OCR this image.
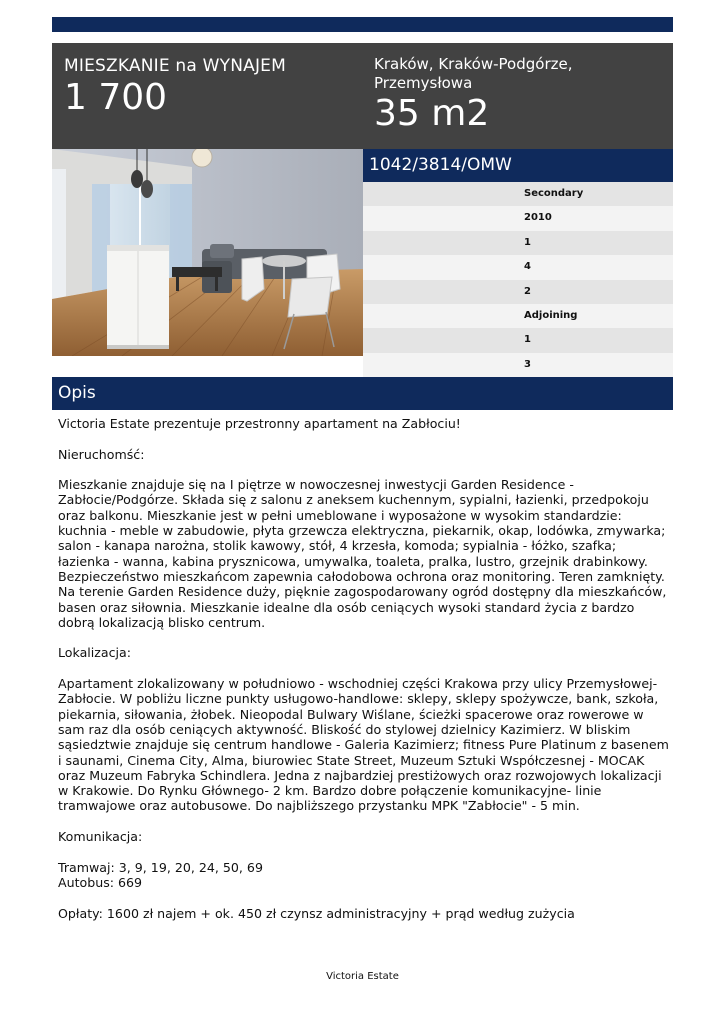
MIESZKANIE na WYNAJEM
1 700
Kraków, Kraków-Podgórze, Przemysłowa
35 m2
1042/3814/OMW
Secondary
2010
1
4
2
Adjoining
1
3
Opis

Victoria Estate prezentuje przestronny apartament na Zabłociu!

Nieruchomść:

Mieszkanie znajduje się na I piętrze w nowoczesnej inwestycji Garden Residence - Zabłocie/Podgórze. Składa się z salonu z aneksem kuchennym, sypialni, łazienki, przedpokoju oraz balkonu. Mieszkanie jest w pełni umeblowane i wyposażone w wysokim standardzie: kuchnia - meble w zabudowie, płyta grzewcza elektryczna, piekarnik, okap, lodówka, zmywarka; salon - kanapa narożna, stolik kawowy, stół, 4 krzesła, komoda; sypialnia - łóżko, szafka; łazienka - wanna, kabina prysznicowa, umywalka, toaleta, pralka, lustro, grzejnik drabinkowy. Bezpieczeństwo mieszkańcom zapewnia całodobowa ochrona oraz monitoring. Teren zamknięty. Na terenie Garden Residence duży, pięknie zagospodarowany ogród dostępny dla mieszkańców, basen oraz siłownia. Mieszkanie idealne dla osób ceniących wysoki standard życia z bardzo dobrą lokalizacją blisko centrum.

Lokalizacja:

Apartament zlokalizowany w południowo - wschodniej części Krakowa przy ulicy Przemysłowej- Zabłocie. W pobliżu liczne punkty usługowo-handlowe: sklepy, sklepy spożywcze, bank, szkoła, piekarnia, siłowania, żłobek. Nieopodal Bulwary Wiślane, ścieżki spacerowe oraz rowerowe w sam raz dla osób ceniących aktywność. Bliskość do stylowej dzielnicy Kazimierz. W bliskim sąsiedztwie znajduje się centrum handlowe - Galeria Kazimierz; fitness Pure Platinum z basenem i saunami, Cinema City, Alma, biurowiec State Street, Muzeum Sztuki Współczesnej - MOCAK oraz Muzeum Fabryka Schindlera. Jedna z najbardziej prestiżowych oraz rozwojowych lokalizacji w Krakowie. Do Rynku Głównego- 2 km. Bardzo dobre połączenie komunikacyjne- linie tramwajowe oraz autobusowe. Do najbliższego przystanku MPK "Zabłocie" - 5 min.

Komunikacja:

Tramwaj: 3, 9, 19, 20, 24, 50, 69

Autobus: 669

Opłaty: 1600 zł najem + ok. 450 zł czynsz administracyjny + prąd według zużycia

Victoria Estate
